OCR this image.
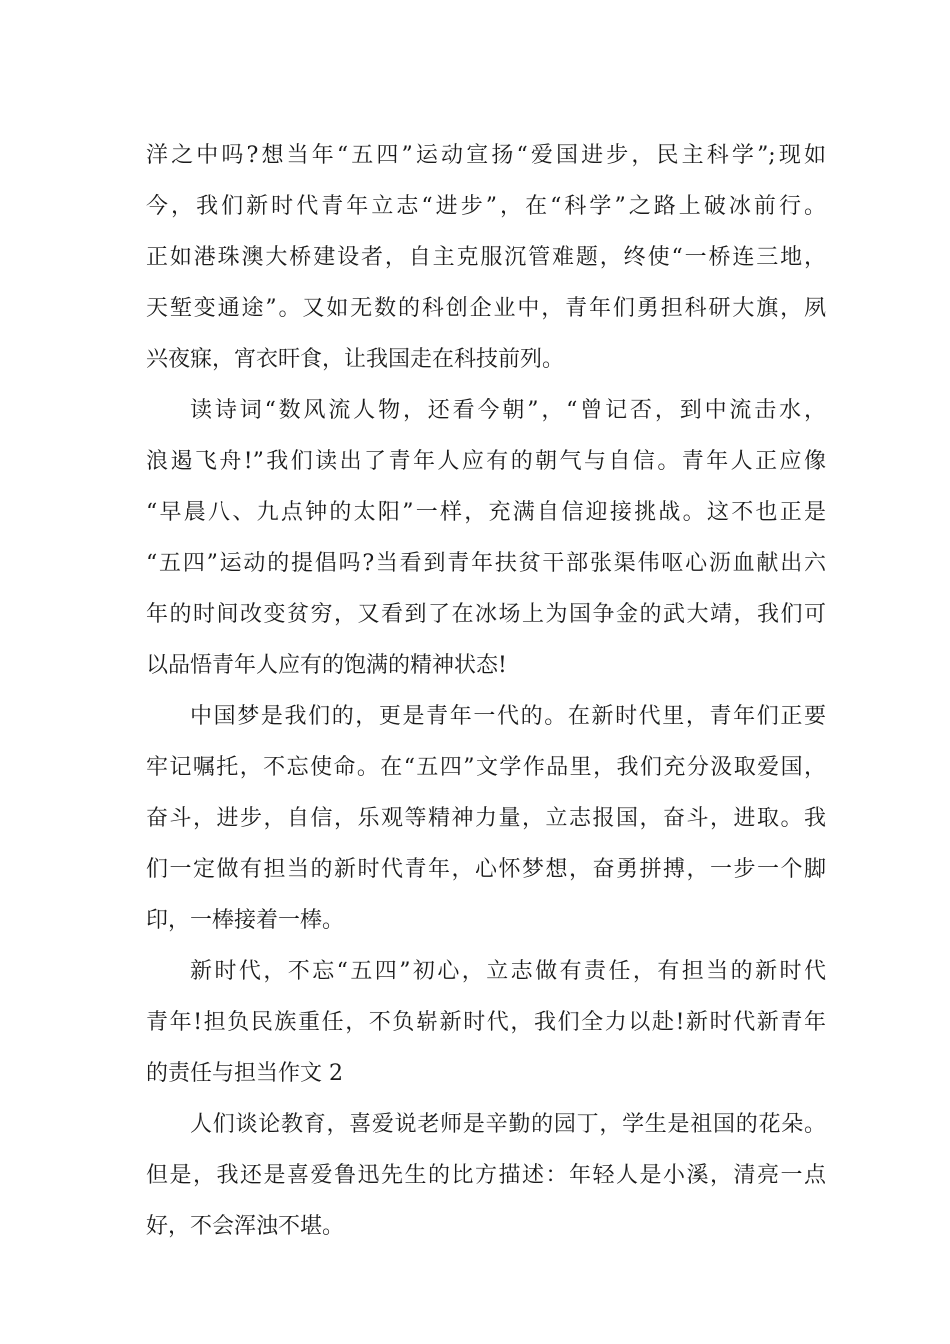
洋之中吗?想当年“五四”运动宣扬“爱国进步，民主科学”;现如
今，我们新时代青年立志“进步”，在“科学”之路上破冰前行。
正如港珠澳大桥建设者，自主克服沉管难题，终使“一桥连三地，
天堑变通途”。又如无数的科创企业中，青年们勇担科研大旗，夙
兴夜寐，宵衣旰食，让我国走在科技前列。
读诗词“数风流人物，还看今朝”，“曾记否，到中流击水，
浪遏飞舟!”我们读出了青年人应有的朝气与自信。青年人正应像
“早晨八、九点钟的太阳”一样，充满自信迎接挑战。这不也正是
“五四”运动的提倡吗?当看到青年扶贫干部张渠伟呕心沥血献出六
年的时间改变贫穷，又看到了在冰场上为国争金的武大靖，我们可
以品悟青年人应有的饱满的精神状态!
中国梦是我们的，更是青年一代的。在新时代里，青年们正要
牢记嘱托，不忘使命。在“五四”文学作品里，我们充分汲取爱国，
奋斗，进步，自信，乐观等精神力量，立志报国，奋斗，进取。我
们一定做有担当的新时代青年，心怀梦想，奋勇拼搏，一步一个脚
印，一棒接着一棒。
新时代，不忘“五四”初心，立志做有责任，有担当的新时代
青年!担负民族重任，不负崭新时代，我们全力以赴!新时代新青年
的责任与担当作文 2
人们谈论教育，喜爱说老师是辛勤的园丁，学生是祖国的花朵。
但是，我还是喜爱鲁迅先生的比方描述：年轻人是小溪，清亮一点
好，不会浑浊不堪。
